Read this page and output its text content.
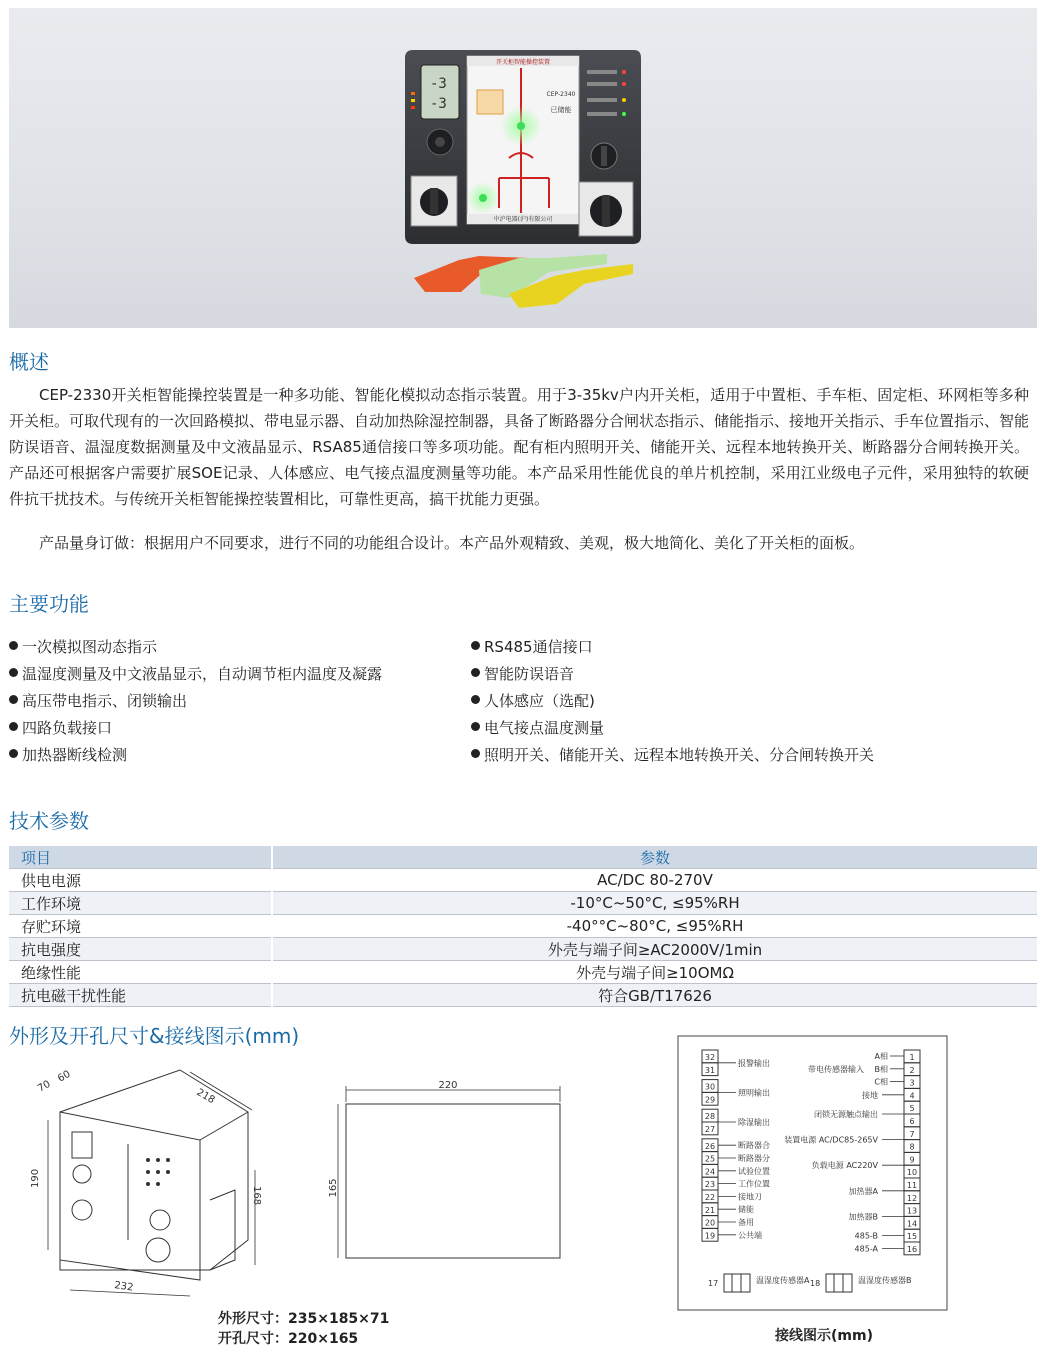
-3
-3
开关柜智能操控装置
CEP-2340
已储能
中沪电器(沪)有限公司
概述
CEP-2330开关柜智能操控装置是一种多功能、智能化模拟动态指示装置。用于3-35kv户内开关柜，适用于中置柜、手车柜、固定柜、环网柜等多种开关柜。可取代现有的一次回路模拟、带电显示器、自动加热除湿控制器，具备了断路器分合闸状态指示、储能指示、接地开关指示、手车位置指示、智能防误语音、温湿度数据测量及中文液晶显示、RSA85通信接口等多项功能。配有柜内照明开关、储能开关、远程本地转换开关、断路器分合闸转换开关。产品还可根据客户需要扩展SOE记录、人体感应、电气接点温度测量等功能。本产品采用性能优良的单片机控制，采用江业级电子元件，采用独特的软硬件抗干扰技术。与传统开关柜智能操控装置相比，可靠性更高，搞干扰能力更强。
产品量身订做：根据用户不同要求，进行不同的功能组合设计。本产品外观精致、美观，极大地简化、美化了开关柜的面板。
主要功能
一次模拟图动态指示
温湿度测量及中文液晶显示，自动调节柜内温度及凝露
高压带电指示、闭锁输出
四路负载接口
加热器断线检测
RS485通信接口
智能防误语音
人体感应（选配)
电气接点温度测量
照明开关、储能开关、远程本地转换开关、分合闸转换开关
技术参数
项目	参数
供电电源	AC/DC 80-270V
工作环境	-10°C~50°C, ≤95%RH
存贮环境	-40°°C~80°C, ≤95%RH
抗电强度	外壳与端子间≥AC2000V/1min
绝缘性能	外壳与端子间≥10OMΩ
抗电磁干扰性能	符合GB/T17626
外形及开孔尺寸&接线图示(mm)
190
70
60
218
168
232
外形尺寸：235×185×71
开孔尺寸：220×165
220
165
32
31
报警输出
30
29
照明输出
28
27
除湿输出
26	断路器合
25	断路器分
24	试验位置
23	工作位置
22	接地刀
21	储能
20	备用
19	公共端
1
A相
2
B相
3
C相
带电传感器输入
4
接地
5
6
闭锁无源触点输出
7
8
装置电源 AC/DC85-265V
9
10
负载电源 AC220V
11
12
加热器A
13
14
加热器B
15
485-B
16
485-A
17	温湿度传感器A 18	温湿度传感器B
接线图示(mm)
